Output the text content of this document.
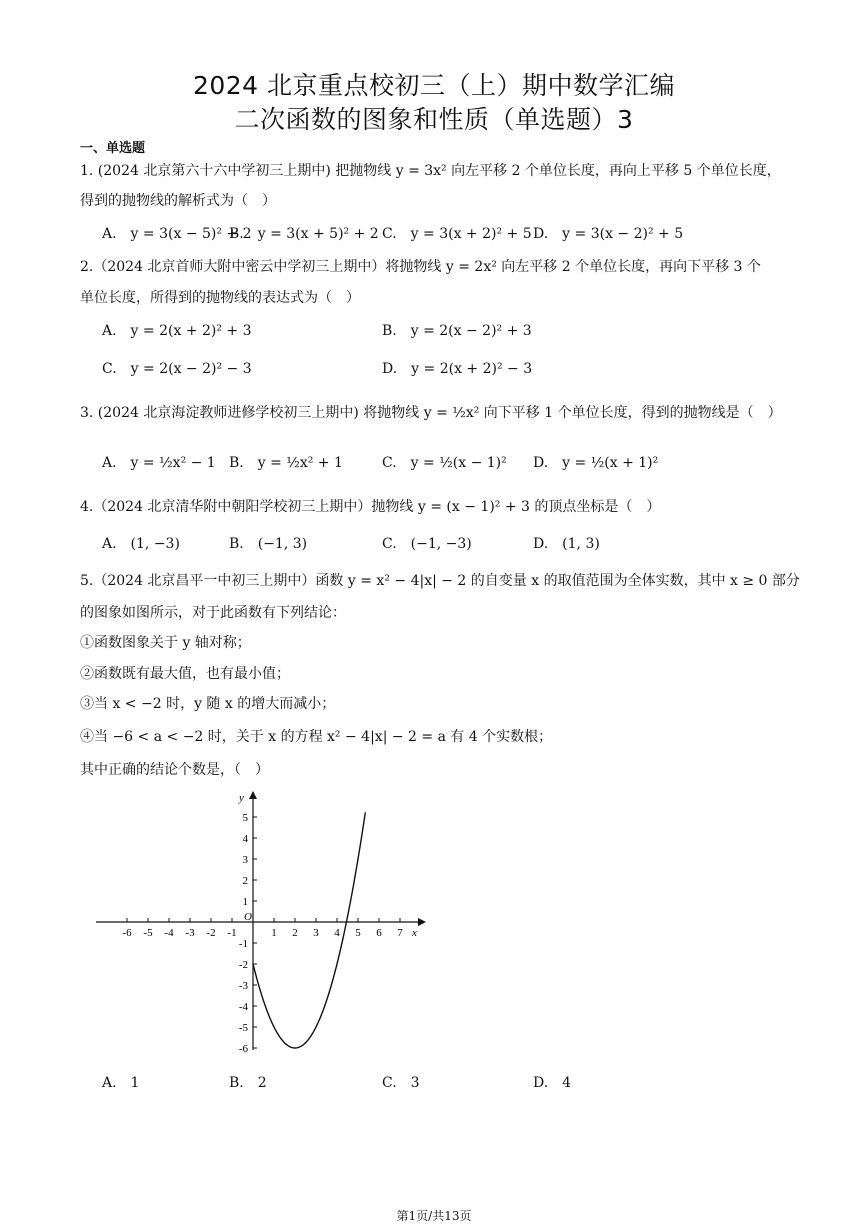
2024 北京重点校初三（上）期中数学汇编
二次函数的图象和性质（单选题）3
一、单选题
1. (2024 北京第六十六中学初三上期中) 把抛物线 y = 3x² 向左平移 2 个单位长度，再向上平移 5 个单位长度，
得到的抛物线的解析式为（　）
A.　y = 3(x − 5)² + 2
B.　y = 3(x + 5)² + 2 C.　y = 3(x + 2)² + 5 D.　y = 3(x − 2)² + 5
2.（2024 北京首师大附中密云中学初三上期中）将抛物线 y = 2x² 向左平移 2 个单位长度，再向下平移 3 个
单位长度，所得到的抛物线的表达式为（　）
A.　y = 2(x + 2)² + 3	B.　y = 2(x − 2)² + 3
C.　y = 2(x − 2)² − 3	D.　y = 2(x + 2)² − 3
3. (2024 北京海淀教师进修学校初三上期中) 将抛物线 y = ½x² 向下平移 1 个单位长度，得到的抛物线是（　）
A.　y = ½x² − 1 B.　y = ½x² + 1	C.　y = ½(x − 1)² D.　y = ½(x + 1)²
4.（2024 北京清华附中朝阳学校初三上期中）抛物线 y = (x − 1)² + 3 的顶点坐标是（　）
A.　(1, −3)	B.　(−1, 3)	C.　(−1, −3)	D.　(1, 3)
5.（2024 北京昌平一中初三上期中）函数 y = x² − 4|x| − 2 的自变量 x 的取值范围为全体实数，其中 x ≥ 0 部分
的图象如图所示，对于此函数有下列结论：
①函数图象关于 y 轴对称；
②函数既有最大值，也有最小值；
③当 x < −2 时，y 随 x 的增大而减小；
④当 −6 < a < −2 时，关于 x 的方程 x² − 4|x| − 2 = a 有 4 个实数根；
其中正确的结论个数是，（　）
-6 -5 -4 -3 -2 -1	1 2 3 4 5 6 7
5
4
3
2
1
-1
-2
-3
-4
-5
-6
x
y
O
A.　1	B.　2	C.　3	D.　4
第1页/共13页
